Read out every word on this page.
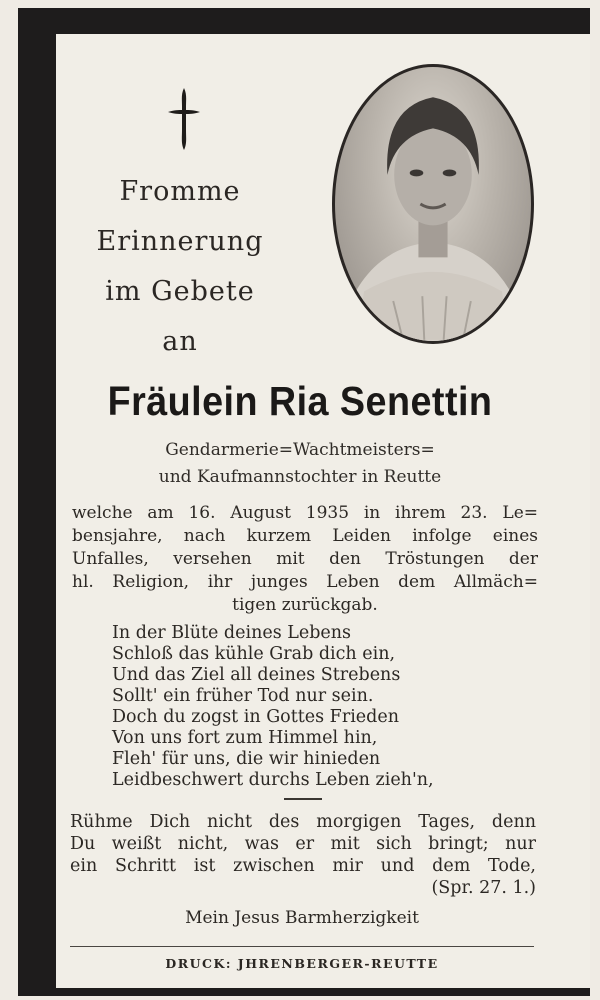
Fromme
Erinnerung
im Gebete
an
Fräulein Ria Senettin
Gendarmerie=Wachtmeisters=
und Kaufmannstochter in Reutte
welche am 16. August 1935 in ihrem 23. Le=
bensjahre, nach kurzem Leiden infolge eines
Unfalles, versehen mit den Tröstungen der
hl. Religion, ihr junges Leben dem Allmäch=
tigen zurückgab.
In der Blüte deines Lebens
Schloß das kühle Grab dich ein,
Und das Ziel all deines Strebens
Sollt' ein früher Tod nur sein.
Doch du zogst in Gottes Frieden
Von uns fort zum Himmel hin,
Fleh' für uns, die wir hinieden
Leidbeschwert durchs Leben zieh'n,
Rühme Dich nicht des morgigen Tages, denn
Du weißt nicht, was er mit sich bringt; nur
ein Schritt ist zwischen mir und dem Tode,
(Spr. 27. 1.)
Mein Jesus Barmherzigkeit
DRUCK: JHRENBERGER-REUTTE
